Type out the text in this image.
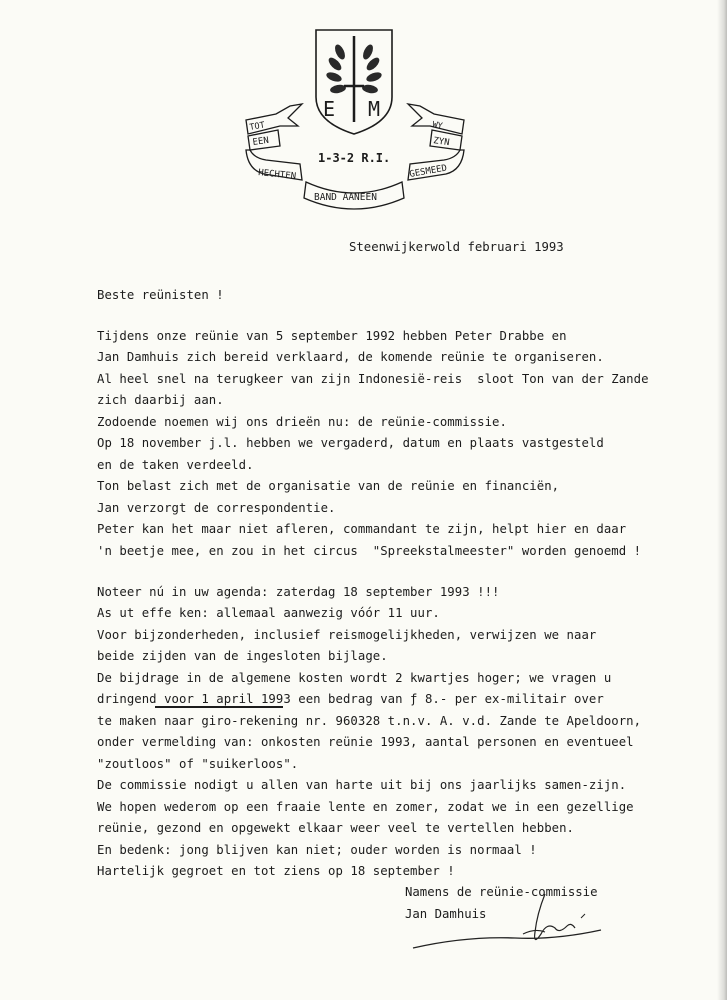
E M
TOT
EEN
WY
ZYN
1-3-2 R.I.
HECHTEN
BAND AANEEN
GESMEED
Steenwijkerwold februari 1993
Beste reünisten !
Tijdens onze reünie van 5 september 1992 hebben Peter Drabbe en
Jan Damhuis zich bereid verklaard, de komende reünie te organiseren.
Al heel snel na terugkeer van zijn Indonesië-reis  sloot Ton van der Zande
zich daarbij aan.
Zodoende noemen wij ons drieën nu: de reünie-commissie.
Op 18 november j.l. hebben we vergaderd, datum en plaats vastgesteld
en de taken verdeeld.
Ton belast zich met de organisatie van de reünie en financiën,
Jan verzorgt de correspondentie.
Peter kan het maar niet afleren, commandant te zijn, helpt hier en daar
'n beetje mee, en zou in het circus  "Spreekstalmeester" worden genoemd !
Noteer nú in uw agenda: zaterdag 18 september 1993 !!!
As ut effe ken: allemaal aanwezig vóór 11 uur.
Voor bijzonderheden, inclusief reismogelijkheden, verwijzen we naar
beide zijden van de ingesloten bijlage.
De bijdrage in de algemene kosten wordt 2 kwartjes hoger; we vragen u
dringend voor 1 april 1993 een bedrag van ƒ 8.- per ex-militair over
te maken naar giro-rekening nr. 960328 t.n.v. A. v.d. Zande te Apeldoorn,
onder vermelding van: onkosten reünie 1993, aantal personen en eventueel
"zoutloos" of "suikerloos".
De commissie nodigt u allen van harte uit bij ons jaarlijks samen-zijn.
We hopen wederom op een fraaie lente en zomer, zodat we in een gezellige
reünie, gezond en opgewekt elkaar weer veel te vertellen hebben.
En bedenk: jong blijven kan niet; ouder worden is normaal !
Hartelijk gegroet en tot ziens op 18 september !
Namens de reünie-commissie
Jan Damhuis
